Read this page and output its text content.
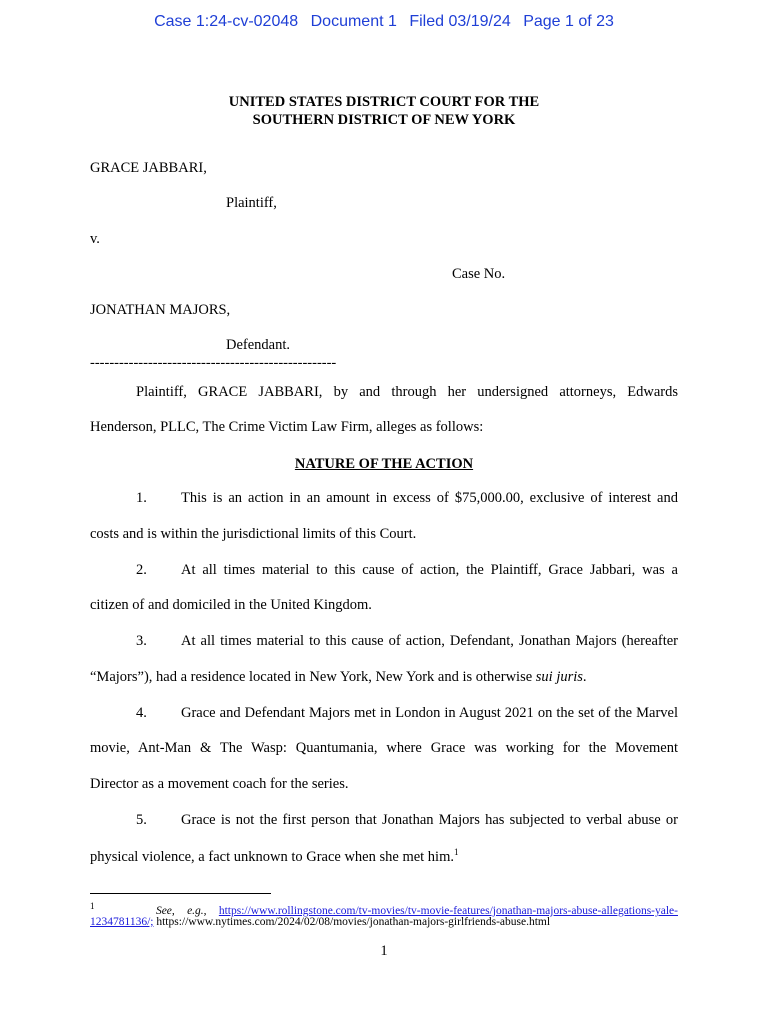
Case 1:24-cv-02048 Document 1 Filed 03/19/24 Page 1 of 23
UNITED STATES DISTRICT COURT FOR THE
SOUTHERN DISTRICT OF NEW YORK
GRACE JABBARI,
Plaintiff,
v.
Case No.
JONATHAN MAJORS,
Defendant.
---------------------------------------------------
Plaintiff, GRACE JABBARI, by and through her undersigned attorneys, Edwards
Henderson, PLLC, The Crime Victim Law Firm, alleges as follows:
NATURE OF THE ACTION
1. This is an action in an amount in excess of $75,000.00, exclusive of interest and
costs and is within the jurisdictional limits of this Court.
2. At all times material to this cause of action, the Plaintiff, Grace Jabbari, was a
citizen of and domiciled in the United Kingdom.
3. At all times material to this cause of action, Defendant, Jonathan Majors (hereafter
“Majors”), had a residence located in New York, New York and is otherwise sui juris.
4. Grace and Defendant Majors met in London in August 2021 on the set of the Marvel
movie, Ant-Man & The Wasp: Quantumania, where Grace was working for the Movement
Director as a movement coach for the series.
5. Grace is not the first person that Jonathan Majors has subjected to verbal abuse or
physical violence, a fact unknown to Grace when she met him.$^1$
$^1$	See, e.g., https://www.rollingstone.com/tv-movies/tv-movie-features/jonathan-majors-abuse-allegations-yale-
1234781136/; https://www.nytimes.com/2024/02/08/movies/jonathan-majors-girlfriends-abuse.html
1
